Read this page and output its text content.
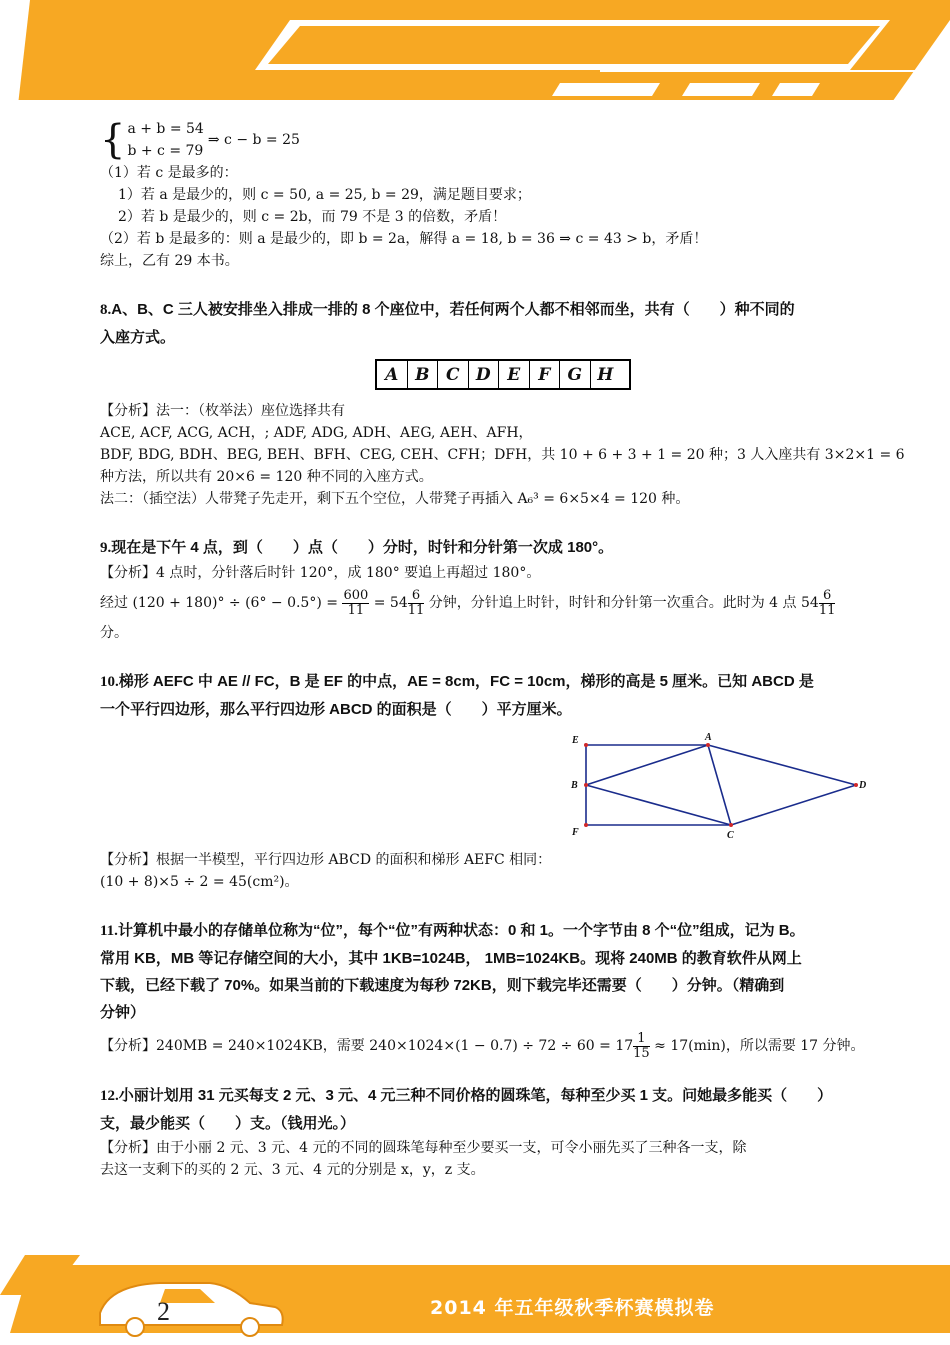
{ a + b = 54
b + c = 79
⇒ c − b = 25
（1）若 c 是最多的：
1）若 a 是最少的，则 c = 50, a = 25, b = 29，满足题目要求；
2）若 b 是最少的，则 c = 2b，而 79 不是 3 的倍数，矛盾！
（2）若 b 是最多的：则 a 是最少的，即 b = 2a，解得 a = 18, b = 36 ⇒ c = 43 > b，矛盾！
综上，乙有 29 本书。
8.A、B、C 三人被安排坐入排成一排的 8 个座位中，若任何两个人都不相邻而坐，共有（　　）种不同的
入座方式。
A B C D E	F	G H
【分析】法一：（枚举法）座位选择共有
ACE, ACF, ACG, ACH，; ADF, ADG, ADH、AEG, AEH、AFH，
BDF, BDG, BDH、BEG, BEH、BFH、CEG, CEH、CFH；DFH，共 10 + 6 + 3 + 1 = 20 种；3 人入座共有 3×2×1 = 6
种方法，所以共有 20×6 = 120 种不同的入座方式。
法二：（插空法）人带凳子先走开，剩下五个空位，人带凳子再插入 A₆³ = 6×5×4 = 120 种。
9.现在是下午 4 点，到（　　）点（　　）分时，时针和分针第一次成 180°。
【分析】4 点时，分针落后时针 120°，成 180° 要追上再超过 180°。
经过 $(120 + 180)^\circ \div (6^\circ - 0.5^\circ) = \frac{600}{11} = 54 \frac{6}{11}$ 分钟，分针追上时针，时针和分针第一次重合。此时为 4 点 $54 \frac{6}{11}$
分。
10.梯形 AEFC 中 AE // FC，B 是 EF 的中点，AE = 8cm，FC = 10cm，梯形的高是 5 厘米。已知 ABCD 是
一个平行四边形，那么平行四边形 ABCD 的面积是（　　）平方厘米。
E	A
B	D
F	C
【分析】根据一半模型，平行四边形 ABCD 的面积和梯形 AEFC 相同：
(10 + 8)×5 ÷ 2 = 45(cm²)。
11.计算机中最小的存储单位称为“位”，每个“位”有两种状态：0 和 1。一个字节由 8 个“位”组成，记为 B。
常用 KB，MB 等记存储空间的大小，其中 1KB=1024B， 1MB=1024KB。现将 240MB 的教育软件从网上
下载，已经下载了 70%。如果当前的下载速度为每秒 72KB，则下载完毕还需要（　　）分钟。（精确到
分钟）
【分析】240MB = 240×1024KB，需要 $240\times 1024\times(1 - 0.7) \div 72 \div 60 = 17 \frac{1}{15} \approx 17(\min)$，所以需要 17 分钟。
12.小丽计划用 31 元买每支 2 元、3 元、4 元三种不同价格的圆珠笔，每种至少买 1 支。问她最多能买（　　）
支，最少能买（　　）支。（钱用光。）
【分析】由于小丽 2 元、3 元、4 元的不同的圆珠笔每种至少要买一支，可令小丽先买了三种各一支，除
去这一支剩下的买的 2 元、3 元、4 元的分别是 x，y，z 支。
2	2014 年五年级秋季杯赛模拟卷
